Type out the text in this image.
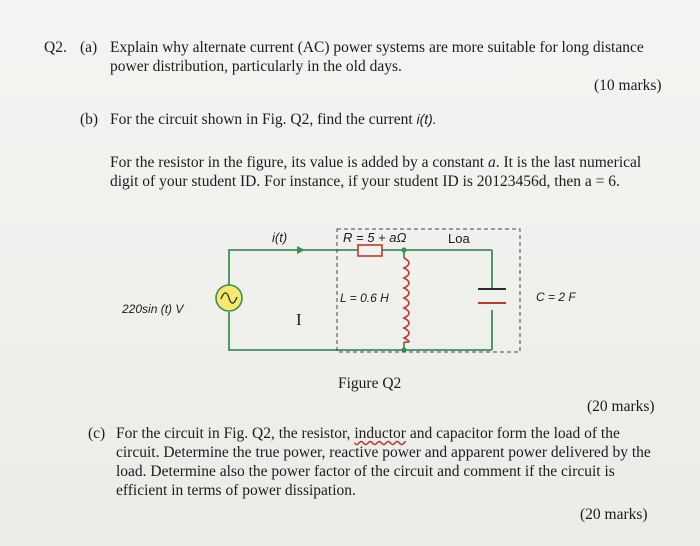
Q2. (a) Explain why alternate current (AC) power systems are more suitable for long distance
power distribution, particularly in the old days.
(10 marks)
(b) For the circuit shown in Fig. Q2, find the current i(t).
For the resistor in the figure, its value is added by a constant a. It is the last numerical
digit of your student ID. For instance, if your student ID is 20123456d, then a = 6.
i(t)	R = 5 + aΩ	Loa
L = 0.6 H	C = 2 F
220sin (t) V
I
Figure Q2
(20 marks)
(c) For the circuit in Fig. Q2, the resistor, inductor and capacitor form the load of the
circuit. Determine the true power, reactive power and apparent power delivered by the
load. Determine also the power factor of the circuit and comment if the circuit is
efficient in terms of power dissipation.
(20 marks)
